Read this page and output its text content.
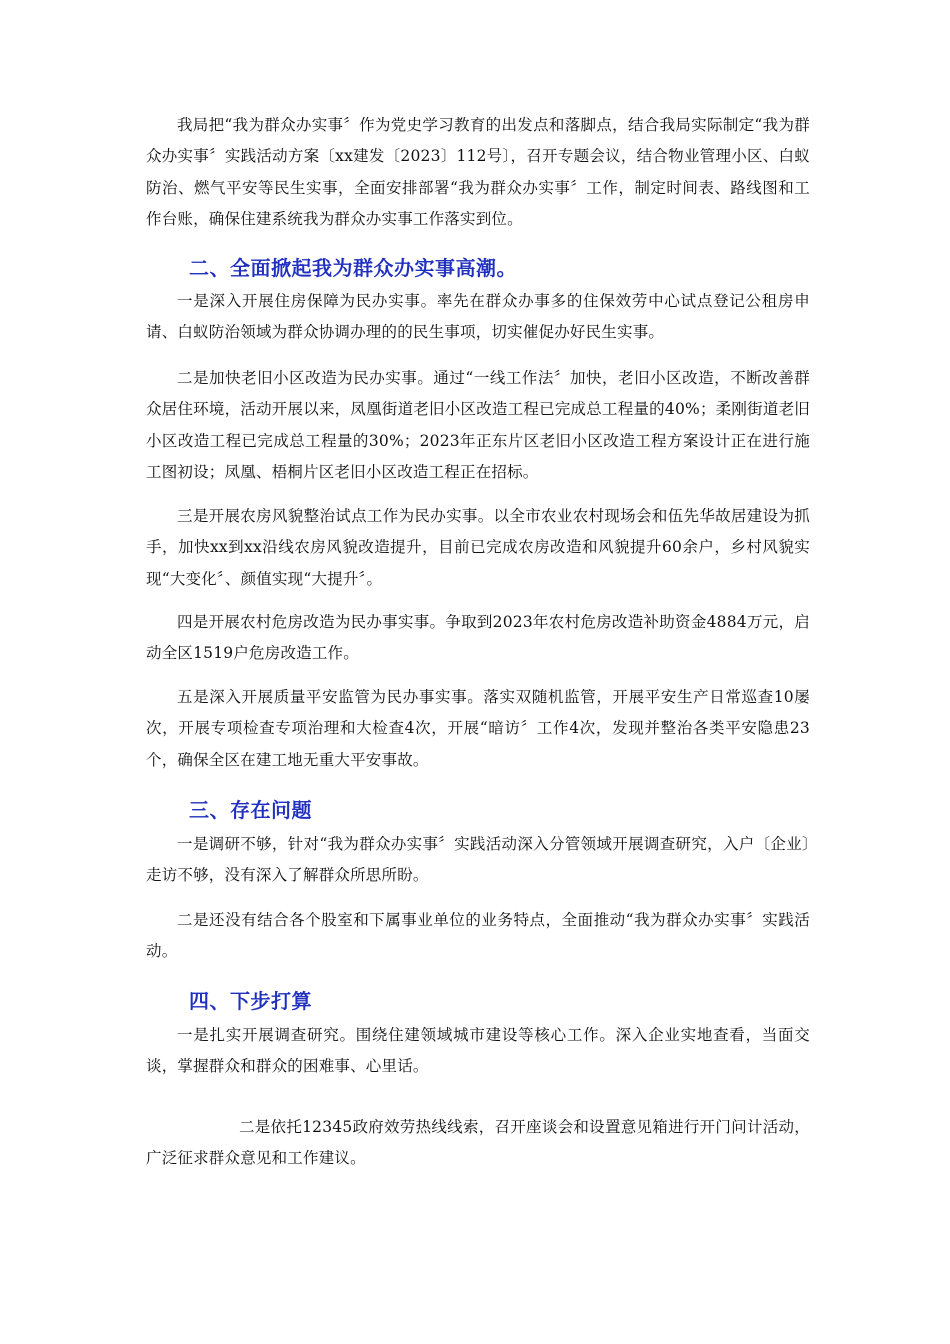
我局把“我为群众办实事〞作为党史学习教育的出发点和落脚点，结合我局实际制定“我为群众办实事〞实践活动方案〔xx建发〔2023〕112号〕，召开专题会议，结合物业管理小区、白蚁防治、燃气平安等民生实事，全面安排部署“我为群众办实事〞工作，制定时间表、路线图和工作台账，确保住建系统我为群众办实事工作落实到位。

二、全面掀起我为群众办实事高潮。

一是深入开展住房保障为民办实事。率先在群众办事多的住保效劳中心试点登记公租房申请、白蚁防治领域为群众协调办理的的民生事项，切实催促办好民生实事。

二是加快老旧小区改造为民办实事。通过“一线工作法〞加快，老旧小区改造，不断改善群众居住环境，活动开展以来，凤凰街道老旧小区改造工程已完成总工程量的40%；柔刚街道老旧小区改造工程已完成总工程量的30%；2023年正东片区老旧小区改造工程方案设计正在进行施工图初设；凤凰、梧桐片区老旧小区改造工程正在招标。

三是开展农房风貌整治试点工作为民办实事。以全市农业农村现场会和伍先华故居建设为抓手，加快xx到xx沿线农房风貌改造提升，目前已完成农房改造和风貌提升60余户，乡村风貌实现“大变化〞、颜值实现“大提升〞。

四是开展农村危房改造为民办事实事。争取到2023年农村危房改造补助资金4884万元，启动全区1519户危房改造工作。

五是深入开展质量平安监管为民办事实事。落实双随机监管，开展平安生产日常巡查10屡次，开展专项检查专项治理和大检查4次，开展“暗访〞工作4次，发现并整治各类平安隐患23个，确保全区在建工地无重大平安事故。

三、存在问题

一是调研不够，针对“我为群众办实事〞实践活动深入分管领域开展调查研究，入户〔企业〕走访不够，没有深入了解群众所思所盼。

二是还没有结合各个股室和下属事业单位的业务特点，全面推动“我为群众办实事〞实践活动。

四、下步打算

一是扎实开展调查研究。围绕住建领域城市建设等核心工作。深入企业实地查看，当面交谈，掌握群众和群众的困难事、心里话。

二是依托12345政府效劳热线线索，召开座谈会和设置意见箱进行开门问计活动，广泛征求群众意见和工作建议。
